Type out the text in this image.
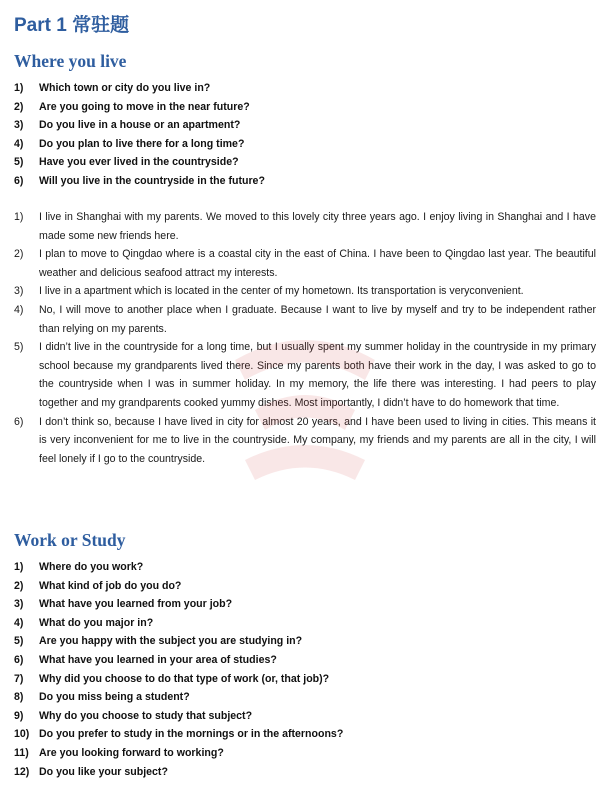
Part 1 常驻题
Where you live
1) Which town or city do you live in?
2) Are you going to move in the near future?
3) Do you live in a house or an apartment?
4) Do you plan to live there for a long time?
5) Have you ever lived in the countryside?
6) Will you live in the countryside in the future?
1) I live in Shanghai with my parents. We moved to this lovely city three years ago. I enjoy living in Shanghai and I have made some new friends here.
2) I plan to move to Qingdao where is a coastal city in the east of China. I have been to Qingdao last year. The beautiful weather and delicious seafood attract my interests.
3) I live in a apartment which is located in the center of my hometown. Its transportation is veryconvenient.
4) No, I will move to another place when I graduate. Because I want to live by myself and try to be independent rather than relying on my parents.
5) I didn’t live in the countryside for a long time, but I usually spent my summer holiday in the countryside in my primary school because my grandparents lived there. Since my parents both have their work in the day, I was asked to go to the countryside when I was in summer holiday. In my memory, the life there was interesting. I had peers to play together and my grandparents cooked yummy dishes. Most importantly, I didn’t have to do homework that time.
6) I don’t think so, because I have lived in city for almost 20 years, and I have been used to living in cities. This means it is very inconvenient for me to live in the countryside. My company, my friends and my parents are all in the city, I will feel lonely if I go to the countryside.
Work or Study
1) Where do you work?
2) What kind of job do you do?
3) What have you learned from your job?
4) What do you major in?
5) Are you happy with the subject you are studying in?
6) What have you learned in your area of studies?
7) Why did you choose to do that type of work (or, that job)?
8) Do you miss being a student?
9) Why do you choose to study that subject?
10) Do you prefer to study in the mornings or in the afternoons?
11) Are you looking forward to working?
12) Do you like your subject?
